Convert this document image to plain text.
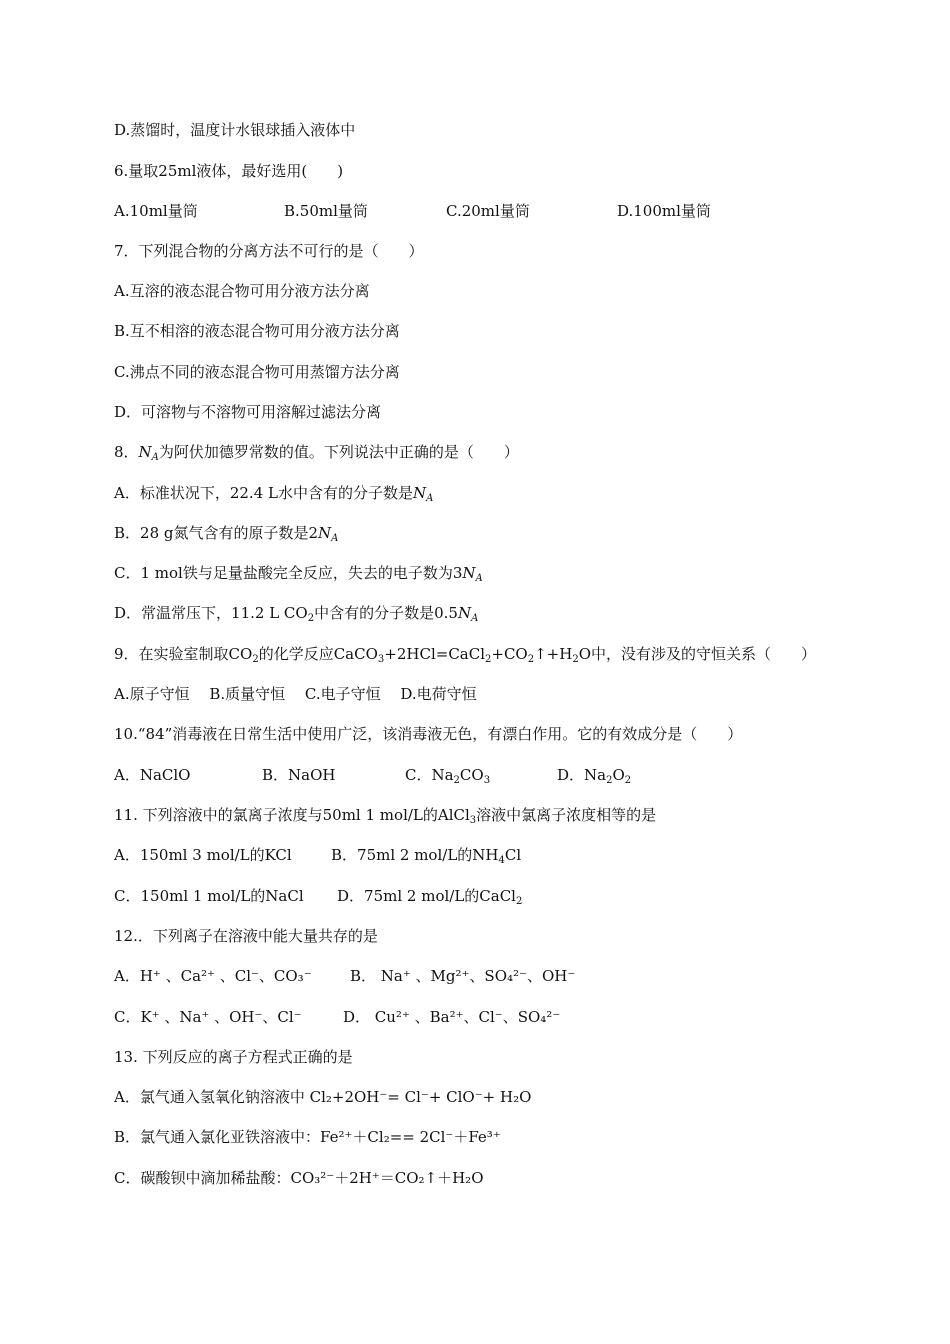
D.蒸馏时，温度计水银球插入液体中
6.量取25ml液体，最好选用(　　)
A.10ml量筒	B.50ml量筒	C.20ml量筒	D.100ml量筒
7．下列混合物的分离方法不可行的是（　　）
A.互溶的液态混合物可用分液方法分离
B.互不相溶的液态混合物可用分液方法分离
C.沸点不同的液态混合物可用蒸馏方法分离
D．可溶物与不溶物可用溶解过滤法分离
8．$N_A$为阿伏加德罗常数的值。下列说法中正确的是（　　）
A．标准状况下，22.4 L水中含有的分子数是$N_A$
B．28 g氮气含有的原子数是$2N_A$
C．1 mol铁与足量盐酸完全反应，失去的电子数为$3N_A$
D．常温常压下，11.2 L $CO_2$中含有的分子数是$0.5N_A$
9．在实验室制取$CO_2$的化学反应$CaCO_3+2HCl=CaCl_2+CO_2↑+H_2O$中，没有涉及的守恒关系（　　）
A.原子守恒　 B.质量守恒　 C.电子守恒　 D.电荷守恒
10.“84”消毒液在日常生活中使用广泛，该消毒液无色，有漂白作用。它的有效成分是（　　）
A．NaClO	B．NaOH	C．$Na_2CO_3$	D．$Na_2O_2$
11. 下列溶液中的氯离子浓度与50ml 1 mol/L的AlCl$_3$溶液中氯离子浓度相等的是
A．150ml 3 mol/L的KCl	B．75ml 2 mol/L的$NH_4Cl$
C．150ml 1 mol/L的NaCl D．75ml 2 mol/L的CaCl$_2$
12.．下列离子在溶液中能大量共存的是
A．H⁺ 、Ca²⁺ 、Cl⁻、CO₃⁻	B． Na⁺ 、Mg²⁺、SO₄²⁻、OH⁻
C．K⁺ 、Na⁺ 、OH⁻、Cl⁻	D． Cu²⁺ 、Ba²⁺、Cl⁻、SO₄²⁻
13. 下列反应的离子方程式正确的是
A．氯气通入氢氧化钠溶液中 Cl₂+2OH⁻= Cl⁻+ ClO⁻+ H₂O
B．氯气通入氯化亚铁溶液中：Fe²⁺＋Cl₂== 2Cl⁻＋Fe³⁺
C．碳酸钡中滴加稀盐酸：CO₃²⁻＋2H⁺＝CO₂↑＋H₂O
